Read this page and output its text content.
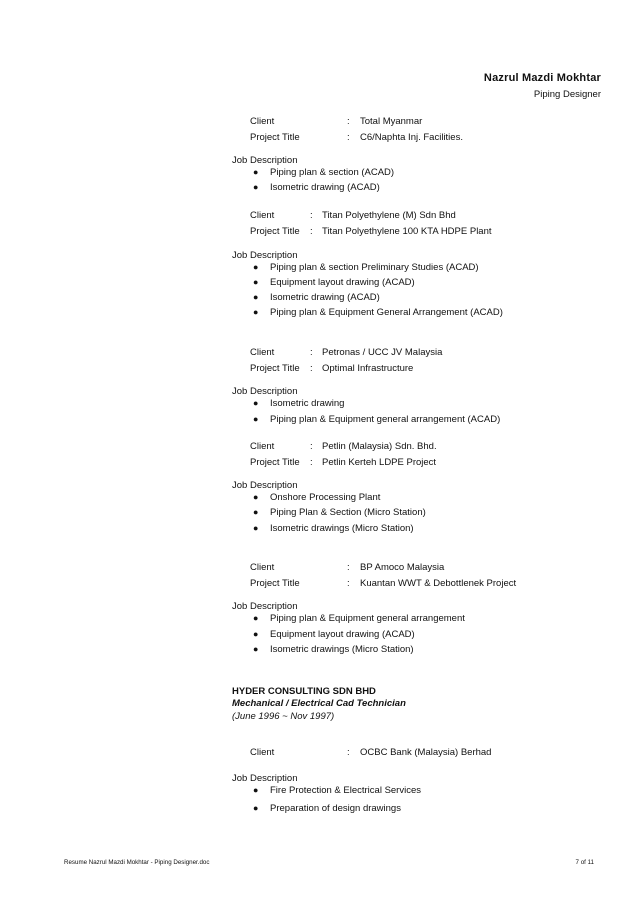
Nazrul Mazdi Mokhtar
Piping Designer
Client	: Total Myanmar
Project Title	: C6/Naphta Inj. Facilities.
Job Description
● Piping plan & section (ACAD)
● Isometric drawing (ACAD)
Client	: Titan Polyethylene (M) Sdn Bhd
Project Title : Titan Polyethylene 100 KTA HDPE Plant
Job Description
● Piping plan & section Preliminary Studies (ACAD)
● Equipment layout drawing (ACAD)
● Isometric drawing (ACAD)
● Piping plan & Equipment General Arrangement (ACAD)
Client	: Petronas / UCC JV Malaysia
Project Title : Optimal Infrastructure
Job Description
● Isometric drawing
● Piping plan & Equipment general arrangement (ACAD)
Client	: Petlin (Malaysia) Sdn. Bhd.
Project Title : Petlin Kerteh LDPE Project
Job Description
● Onshore Processing Plant
● Piping Plan & Section (Micro Station)
● Isometric drawings (Micro Station)
Client	: BP Amoco Malaysia
Project Title	: Kuantan WWT & Debottlenek Project
Job Description
● Piping plan & Equipment general arrangement
● Equipment layout drawing (ACAD)
● Isometric drawings (Micro Station)
HYDER CONSULTING SDN BHD
Mechanical / Electrical Cad Technician
(June 1996 ~ Nov 1997)
Client	: OCBC Bank (Malaysia) Berhad
Job Description
● Fire Protection & Electrical Services
● Preparation of design drawings
Resume Nazrul Mazdi Mokhtar - Piping Designer.doc	7 of 11
